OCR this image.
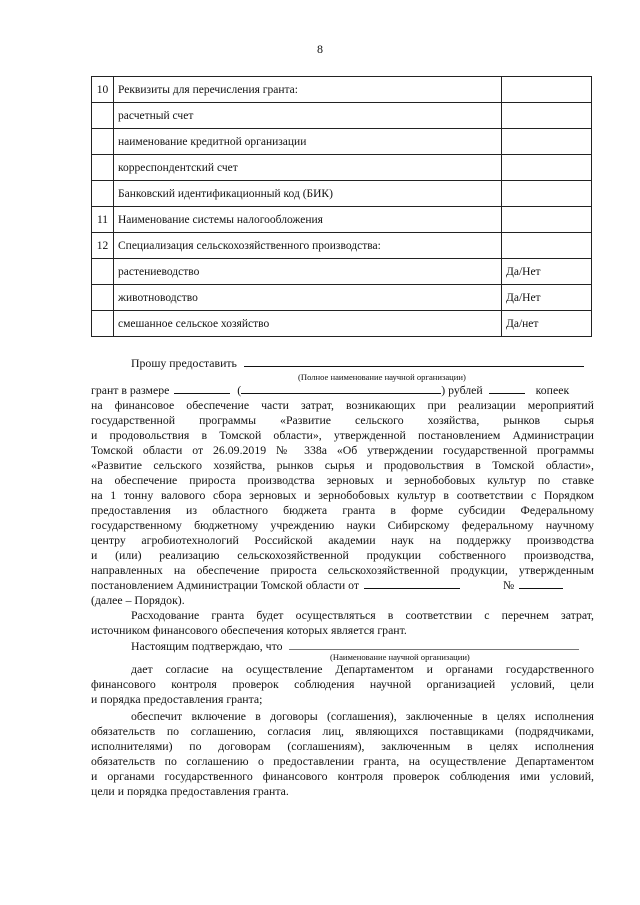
8
10	Реквизиты для перечисления гранта:	
	расчетный счет	
	наименование кредитной организации	
	корреспондентский счет	
	Банковский идентификационный код (БИК)	
11	Наименование системы налогообложения	
12	Специализация сельскохозяйственного производства:	
	растениеводство	Да/Нет
	животноводство	Да/Нет
	смешанное сельское хозяйство	Да/нет
Прошу предоставить
(Полное наименование научной организации)
грант в размере	(	) рублей	копеек
на финансовое обеспечение части затрат, возникающих при реализации мероприятий
государственной программы «Развитие сельского хозяйства, рынков сырья
и продовольствия в Томской области», утвержденной постановлением Администрации
Томской области от 26.09.2019 № 338а «Об утверждении государственной программы
«Развитие сельского хозяйства, рынков сырья и продовольствия в Томской области»,
на обеспечение прироста производства зерновых и зернобобовых культур по ставке
на 1 тонну валового сбора зерновых и зернобобовых культур в соответствии с Порядком
предоставления из областного бюджета гранта в форме субсидии Федеральному
государственному бюджетному учреждению науки Сибирскому федеральному научному
центру агробиотехнологий Российской академии наук на поддержку производства
и (или) реализацию сельскохозяйственной продукции собственного производства,
направленных на обеспечение прироста сельскохозяйственной продукции, утвержденным
постановлением Администрации Томской области от	№
(далее – Порядок).
Расходование гранта будет осуществляться в соответствии с перечнем затрат,
источником финансового обеспечения которых является грант.
Настоящим подтверждаю, что
(Наименование научной организации)
дает согласие на осуществление Департаментом и органами государственного
финансового контроля проверок соблюдения научной организацией условий, цели
и порядка предоставления гранта;
обеспечит включение в договоры (соглашения), заключенные в целях исполнения
обязательств по соглашению, согласия лиц, являющихся поставщиками (подрядчиками,
исполнителями) по договорам (соглашениям), заключенным в целях исполнения
обязательств по соглашению о предоставлении гранта, на осуществление Департаментом
и органами государственного финансового контроля проверок соблюдения ими условий,
цели и порядка предоставления гранта.
